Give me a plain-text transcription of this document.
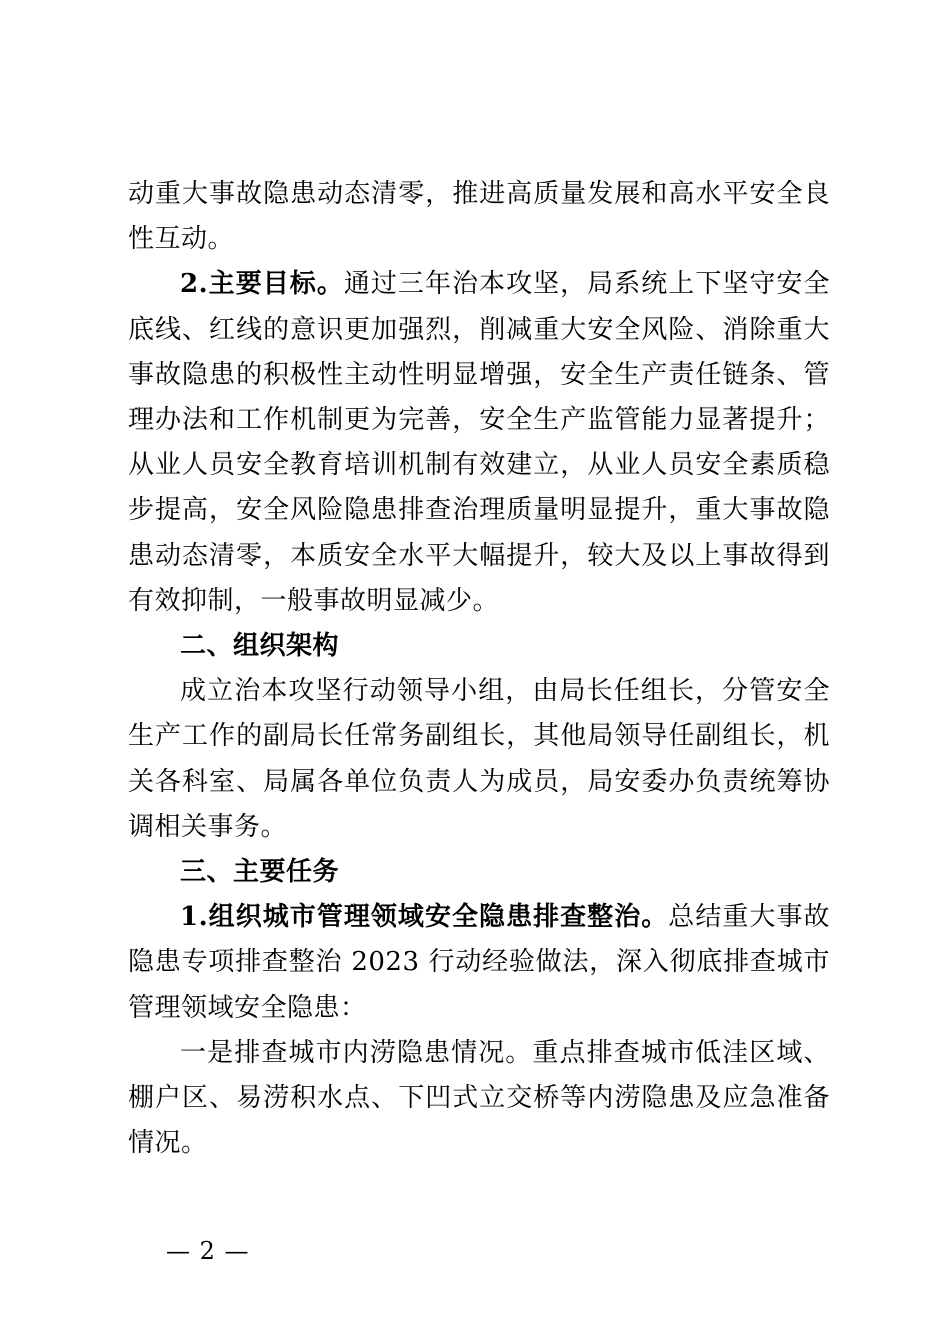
动重大事故隐患动态清零，推进高质量发展和高水平安全良性互动。

2.主要目标。通过三年治本攻坚，局系统上下坚守安全底线、红线的意识更加强烈，削减重大安全风险、消除重大事故隐患的积极性主动性明显增强，安全生产责任链条、管理办法和工作机制更为完善，安全生产监管能力显著提升；从业人员安全教育培训机制有效建立，从业人员安全素质稳步提高，安全风险隐患排查治理质量明显提升，重大事故隐患动态清零，本质安全水平大幅提升，较大及以上事故得到有效抑制，一般事故明显减少。

二、组织架构

成立治本攻坚行动领导小组，由局长任组长，分管安全生产工作的副局长任常务副组长，其他局领导任副组长，机关各科室、局属各单位负责人为成员，局安委办负责统筹协调相关事务。

三、主要任务

1.组织城市管理领域安全隐患排查整治。总结重大事故隐患专项排查整治 2023 行动经验做法，深入彻底排查城市管理领域安全隐患：

一是排查城市内涝隐患情况。重点排查城市低洼区域、棚户区、易涝积水点、下凹式立交桥等内涝隐患及应急准备情况。

— 2 —
